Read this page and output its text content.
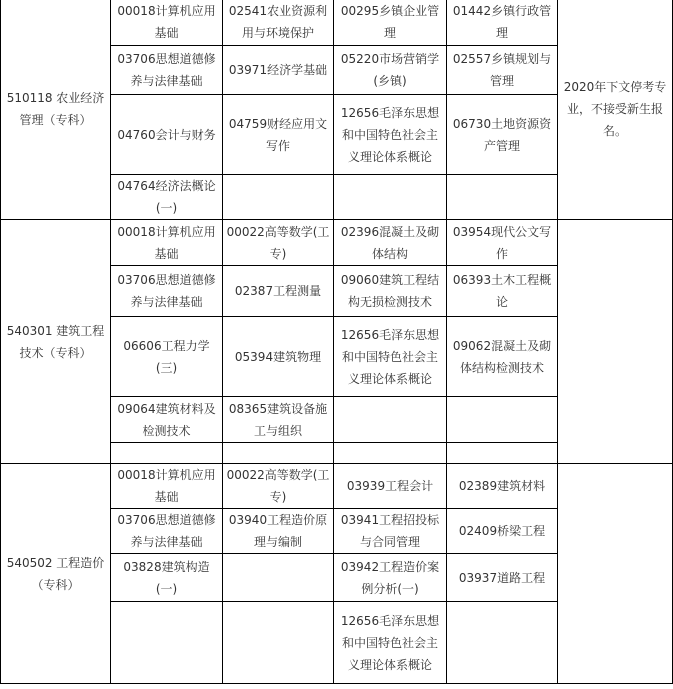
510118 农业经济管理（专科）	00018计算机应用基础	02541农业资源利用与环境保护	00295乡镇企业管理	01442乡镇行政管理	2020年下文停考专业，不接受新生报名。
	03706思想道德修养与法律基础	03971经济学基础	05220市场营销学(乡镇)	02557乡镇规划与管理	
	04760会计与财务	04759财经应用文写作	12656毛泽东思想和中国特色社会主义理论体系概论	06730土地资源资产管理	
	04764经济法概论(一)				
540301 建筑工程技术（专科）	00018计算机应用基础	00022高等数学(工专)	02396混凝土及砌体结构	03954现代公文写作	
	03706思想道德修养与法律基础	02387工程测量	09060建筑工程结构无损检测技术	06393土木工程概论	
	06606工程力学(三)	05394建筑物理	12656毛泽东思想和中国特色社会主义理论体系概论	09062混凝土及砌体结构检测技术	
	09064建筑材料及检测技术	08365建筑设备施工与组织			

540502 工程造价（专科）	00018计算机应用基础	00022高等数学(工专)	03939工程会计	02389建筑材料	
	03706思想道德修养与法律基础	03940工程造价原理与编制	03941工程招投标与合同管理	02409桥梁工程	
	03828建筑构造(一)		03942工程造价案例分析(一)	03937道路工程	
			12656毛泽东思想和中国特色社会主义理论体系概论		
